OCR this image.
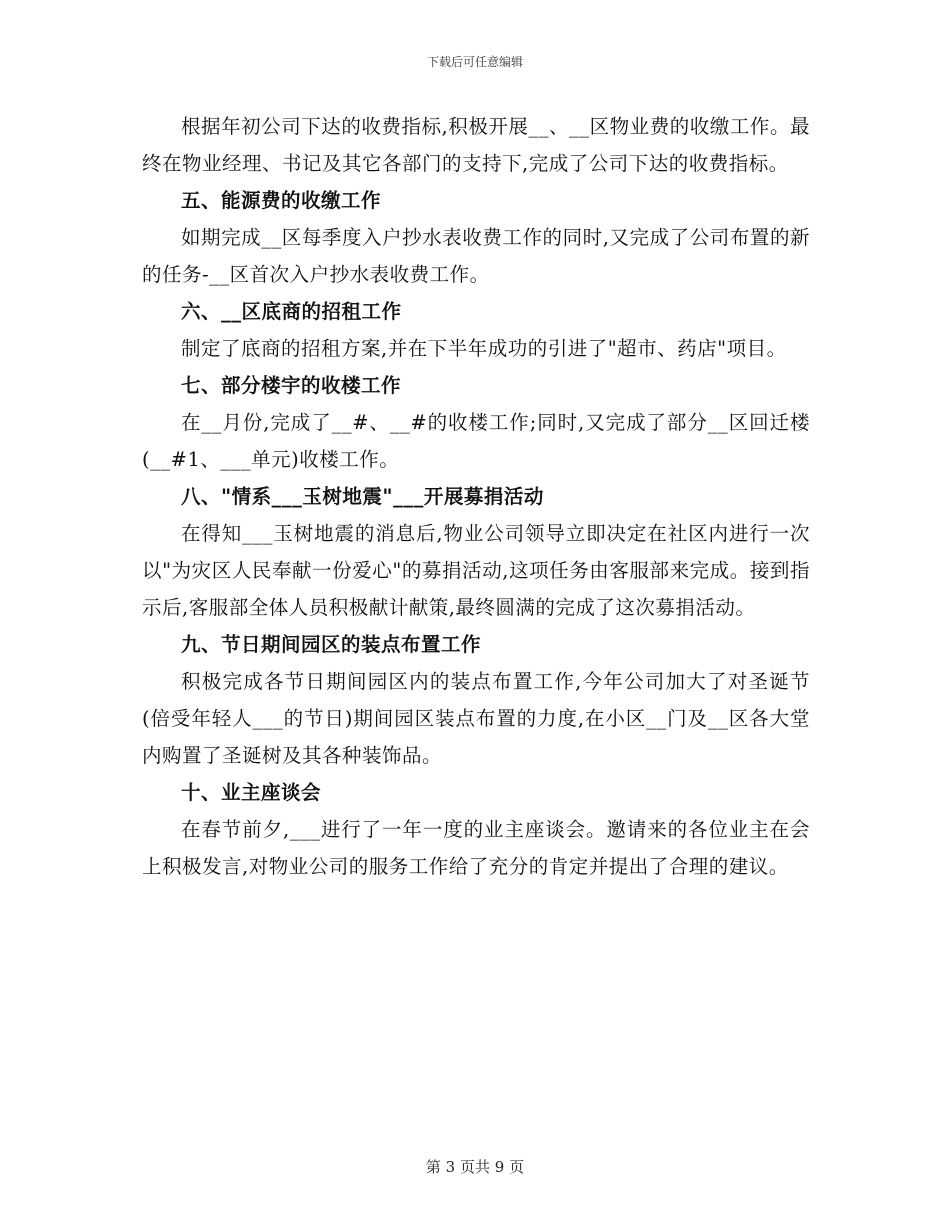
下载后可任意编辑

根据年初公司下达的收费指标,积极开展__、__区物业费的收缴工作。最终在物业经理、书记及其它各部门的支持下,完成了公司下达的收费指标。

五、能源费的收缴工作

如期完成__区每季度入户抄水表收费工作的同时,又完成了公司布置的新的任务-__区首次入户抄水表收费工作。

六、__区底商的招租工作

制定了底商的招租方案,并在下半年成功的引进了"超市、药店"项目。

七、部分楼宇的收楼工作

在__月份,完成了__#、__#的收楼工作;同时,又完成了部分__区回迁楼(__#1、___单元)收楼工作。

八、"情系___玉树地震"___开展募捐活动

在得知___玉树地震的消息后,物业公司领导立即决定在社区内进行一次以"为灾区人民奉献一份爱心"的募捐活动,这项任务由客服部来完成。接到指示后,客服部全体人员积极献计献策,最终圆满的完成了这次募捐活动。

九、节日期间园区的装点布置工作

积极完成各节日期间园区内的装点布置工作,今年公司加大了对圣诞节(倍受年轻人___的节日)期间园区装点布置的力度,在小区__门及__区各大堂内购置了圣诞树及其各种装饰品。

十、业主座谈会

在春节前夕,___进行了一年一度的业主座谈会。邀请来的各位业主在会上积极发言,对物业公司的服务工作给了充分的肯定并提出了合理的建议。

第 3 页共 9 页
